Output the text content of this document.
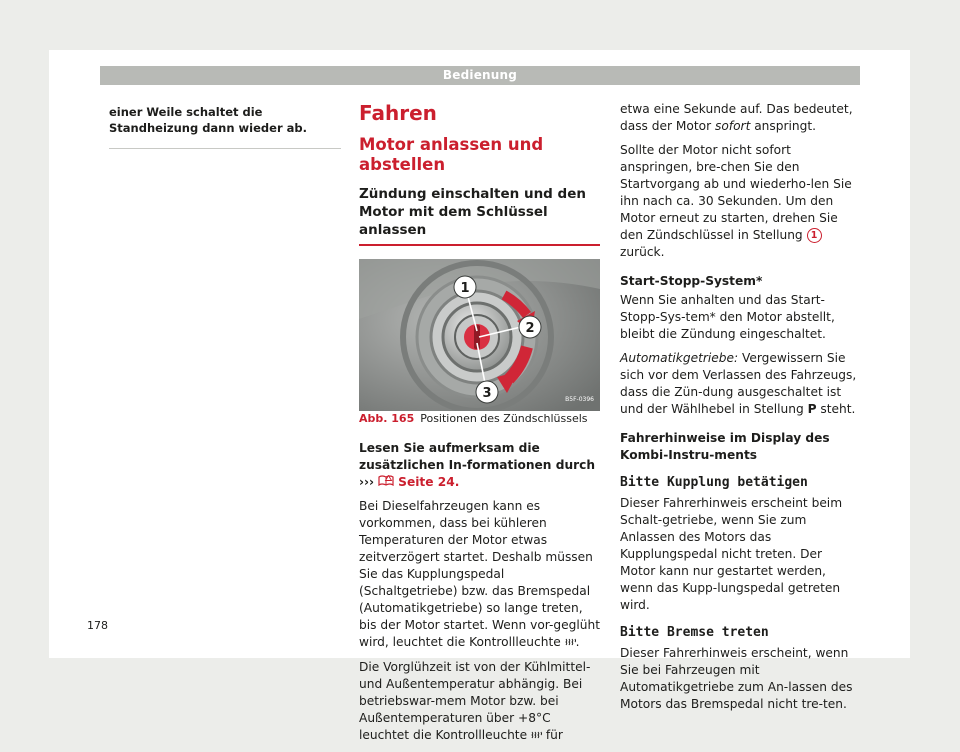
Bedienung

einer Weile schaltet die Standheizung dann wieder ab.

Fahren
Motor anlassen und abstellen
Zündung einschalten und den Motor mit dem Schlüssel anlassen
1
2
3	B5F-0396

Abb. 165 Positionen des Zündschlüssels

Lesen Sie aufmerksam die zusätzlichen In-formationen durch ››› Seite 24.

Bei Dieselfahrzeugen kann es vorkommen, dass bei kühleren Temperaturen der Motor etwas zeitverzögert startet. Deshalb müssen Sie das Kupplungspedal (Schaltgetriebe) bzw. das Bremspedal (Automatikgetriebe) so lange treten, bis der Motor startet. Wenn vor-geglüht wird, leuchtet die Kontrollleuchte .

Die Vorglühzeit ist von der Kühlmittel- und Außentemperatur abhängig. Bei betriebswar-mem Motor bzw. bei Außentemperaturen über +8°C leuchtet die Kontrollleuchte für

etwa eine Sekunde auf. Das bedeutet, dass der Motor sofort anspringt.

Sollte der Motor nicht sofort anspringen, bre-chen Sie den Startvorgang ab und wiederho-len Sie ihn nach ca. 30 Sekunden. Um den Motor erneut zu starten, drehen Sie den Zündschlüssel in Stellung 1 zurück.

Start-Stopp-System*

Wenn Sie anhalten und das Start-Stopp-Sys-tem* den Motor abstellt, bleibt die Zündung eingeschaltet.

Automatikgetriebe: Vergewissern Sie sich vor dem Verlassen des Fahrzeugs, dass die Zün-dung ausgeschaltet ist und der Wählhebel in Stellung P steht.

Fahrerhinweise im Display des Kombi-Instru-ments

Bitte Kupplung betätigen

Dieser Fahrerhinweis erscheint beim Schalt-getriebe, wenn Sie zum Anlassen des Motors das Kupplungspedal nicht treten. Der Motor kann nur gestartet werden, wenn das Kupp-lungspedal getreten wird.

Bitte Bremse treten

Dieser Fahrerhinweis erscheint, wenn Sie bei Fahrzeugen mit Automatikgetriebe zum An-lassen des Motors das Bremspedal nicht tre-ten.

178
